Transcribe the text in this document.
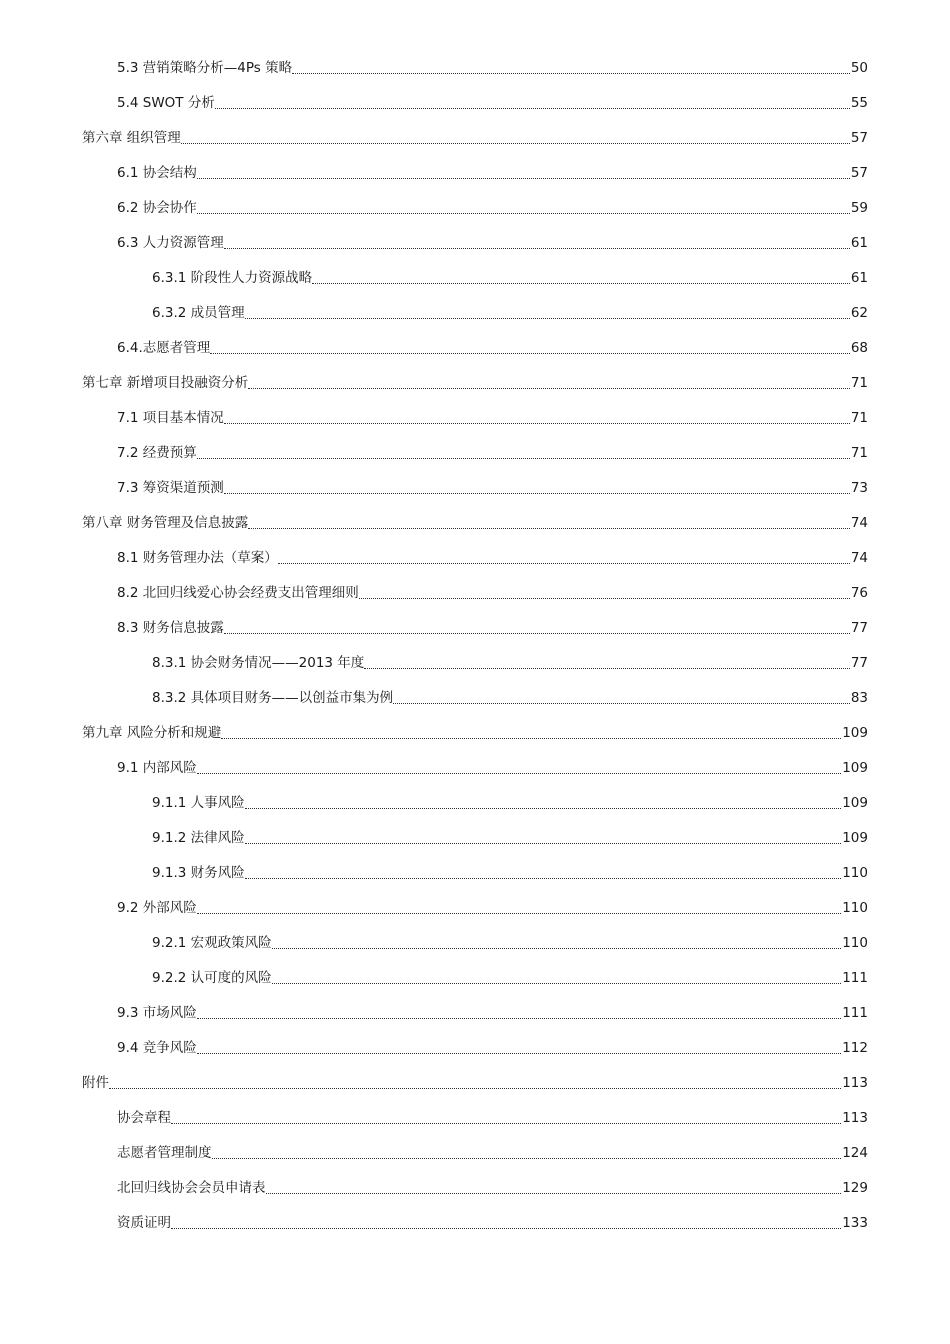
5.3 营销策略分析—4Ps 策略	50
5.4 SWOT 分析	55
第六章 组织管理	57
6.1 协会结构	57
6.2 协会协作	59
6.3 人力资源管理	61
6.3.1 阶段性人力资源战略	61
6.3.2 成员管理	62
6.4.志愿者管理	68
第七章 新增项目投融资分析	71
7.1 项目基本情况	71
7.2 经费预算	71
7.3 筹资渠道预测	73
第八章 财务管理及信息披露	74
8.1 财务管理办法（草案）	74
8.2 北回归线爱心协会经费支出管理细则	76
8.3 财务信息披露	77
8.3.1 协会财务情况——2013 年度	77
8.3.2 具体项目财务——以创益市集为例	83
第九章 风险分析和规避	109
9.1 内部风险	109
9.1.1 人事风险	109
9.1.2 法律风险	109
9.1.3 财务风险	110
9.2 外部风险	110
9.2.1 宏观政策风险	110
9.2.2 认可度的风险	111
9.3 市场风险	111
9.4 竞争风险	112
附件	113
协会章程	113
志愿者管理制度	124
北回归线协会会员申请表	129
资质证明	133
